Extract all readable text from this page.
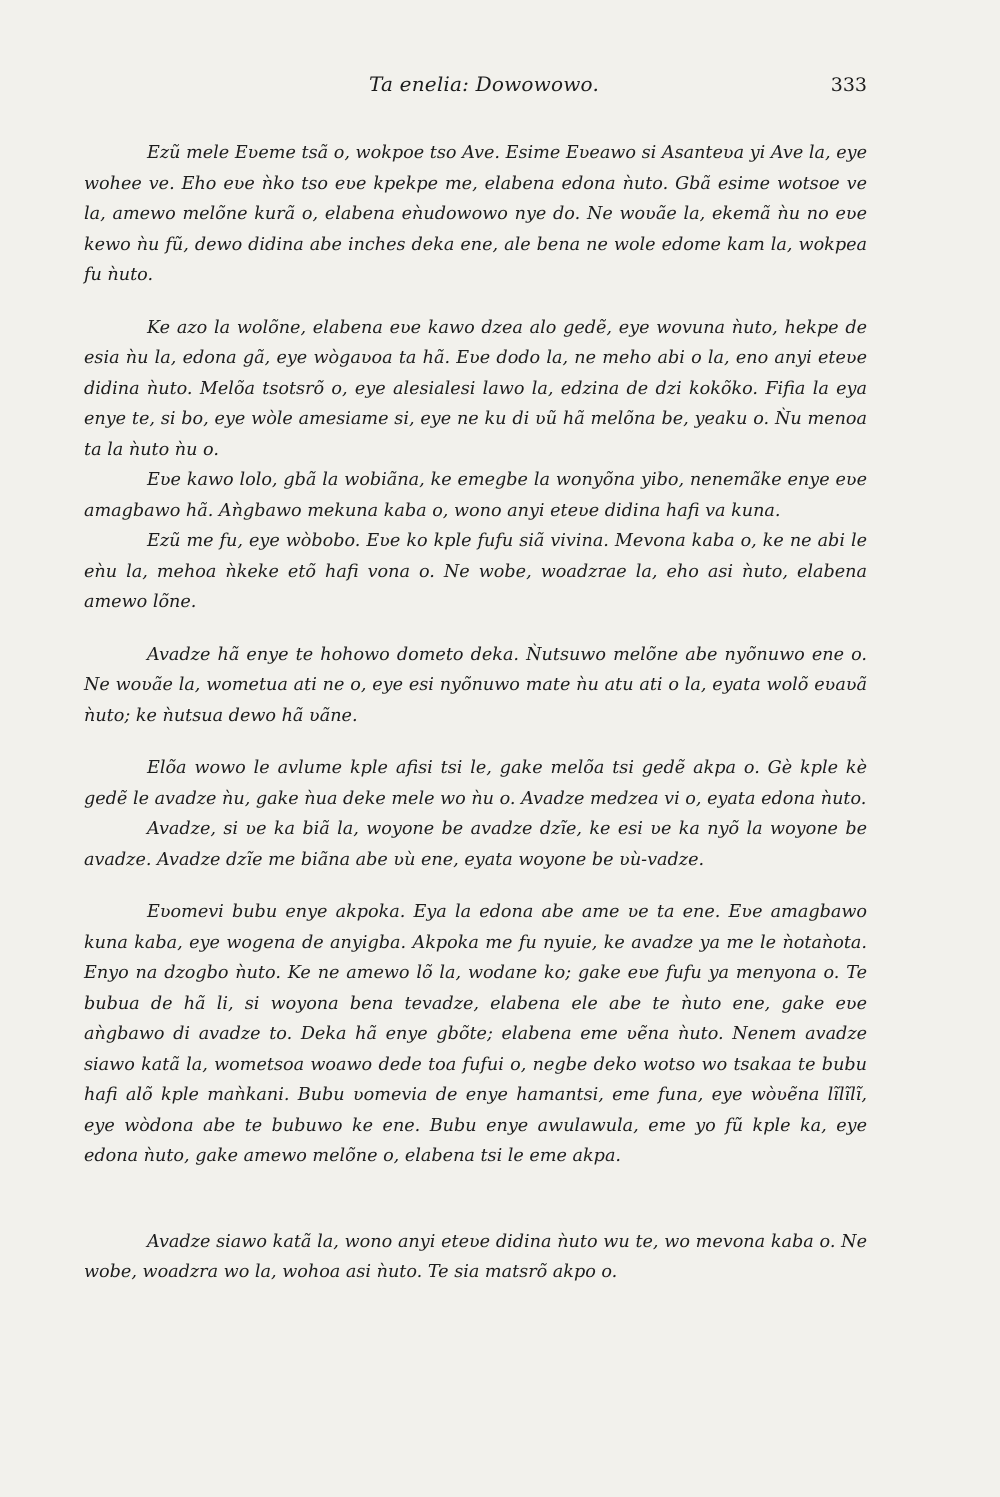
Ta enelia: Dowowowo.	333

Ezũ mele Eʋeme tsã o, wokpoe tso Ave. Esime Eʋeawo si Asanteʋa yi Ave la, eye wohee ve. Eho eʋe ǹko tso eʋe kpekpe me, elabena edona ǹuto. Gbã esime wotsoe ve la, amewo melõne kurã o, elabena eǹudowowo nye do. Ne woʋãe la, ekemã ǹu no eʋe kewo ǹu fũ, dewo didina abe inches deka ene, ale bena ne wole edome kam la, wokpea fu ǹuto.

Ke azo la wolõne, elabena eʋe kawo dzea alo gedẽ, eye wovuna ǹuto, hekpe de esia ǹu la, edona gã, eye wògaʋoa ta hã. Eʋe dodo la, ne meho abi o la, eno anyi eteʋe didina ǹuto. Melõa tsotsrõ o, eye alesialesi lawo la, edzina de dzi kokõko. Fifia la eya enye te, si bo, eye wòle amesiame si, eye ne ku di ʋũ hã melõna be, yeaku o. Ǹu menoa ta la ǹuto ǹu o.

Eʋe kawo lolo, gbã la wobiãna, ke emegbe la wonyõna yibo, nenemãke enye eʋe amagbawo hã. Aǹgbawo mekuna kaba o, wono anyi eteʋe didina hafi va kuna.

Ezũ me fu, eye wòbobo. Eʋe ko kple fufu siã vivina. Mevona kaba o, ke ne abi le eǹu la, mehoa ǹkeke etõ hafi vona o. Ne wobe, woadzrae la, eho asi ǹuto, elabena amewo lõne.

Avadze hã enye te hohowo dometo deka. Ǹutsuwo melõne abe nyõnuwo ene o. Ne woʋãe la, wometua ati ne o, eye esi nyõnuwo mate ǹu atu ati o la, eyata wolõ eʋaʋã ǹuto; ke ǹutsua dewo hã ʋãne.

Elõa wowo le avlume kple afisi tsi le, gake melõa tsi gedẽ akpa o. Gè kple kè gedẽ le avadze ǹu, gake ǹua deke mele wo ǹu o. Avadze medzea vi o, eyata edona ǹuto.

Avadze, si ʋe ka biã la, woyone be avadze dzĩe, ke esi ʋe ka nyõ la woyone be avadze. Avadze dzĩe me biãna abe ʋù ene, eyata woyone be ʋù-vadze.

Eʋomevi bubu enye akpoka. Eya la edona abe ame ʋe ta ene. Eʋe amagbawo kuna kaba, eye wogena de anyigba. Akpoka me fu nyuie, ke avadze ya me le ǹotaǹota. Enyo na dzogbo ǹuto. Ke ne amewo lõ la, wodane ko; gake eʋe fufu ya menyona o. Te bubua de hã li, si woyona bena tevadze, elabena ele abe te ǹuto ene, gake eʋe aǹgbawo di avadze to. Deka hã enye gbõte; elabena eme ʋẽna ǹuto. Nenem avadze siawo katã la, wometsoa woawo dede toa fufui o, negbe deko wotso wo tsakaa te bubu hafi alõ kple maǹkani. Bubu ʋomevia de enye hamantsi, eme funa, eye wòʋẽna lĩlĩlĩ, eye wòdona abe te bubuwo ke ene. Bubu enye awulawula, eme yo fũ kple ka, eye edona ǹuto, gake amewo melõne o, elabena tsi le eme akpa.

Avadze siawo katã la, wono anyi eteʋe didina ǹuto wu te, wo mevona kaba o. Ne wobe, woadzra wo la, wohoa asi ǹuto. Te sia matsrõ akpo o.
